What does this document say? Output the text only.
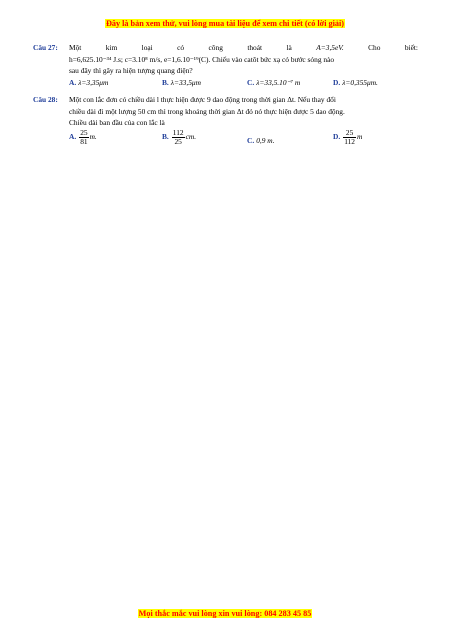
Đây là bản xem thử, vui lòng mua tài liệu để xem chi tiết (có lời giải)
Câu 27: Một	kim	loại	có	công	thoát	là	A=3,5eV.	Cho	biết:
h=6,625.10⁻³⁴ J.s; c=3.10⁸ m/s, e=1,6.10⁻¹⁹(C). Chiếu vào catôt bức xạ có bước sóng nào
sau đây thì gây ra hiện tượng quang điện?
A. λ=3,35μm	B. λ=33,5μm	C. λ=33,5.10⁻⁷ m	D. λ=0,355μm.
Câu 28: Một con lắc đơn có chiều dài l thực hiện được 9 dao động trong thời gian Δt. Nếu thay đổi
chiều dài đi một lượng 50 cm thì trong khoảng thời gian Δt đó nó thực hiện được 5 dao động.
Chiều dài ban đầu của con lắc là
A. $\frac{25}{81} m$.	B. $\frac{112}{25}$ cm.	C. 0,9 m.	D. $\frac{25}{112}$ m
Mọi thắc mắc vui lòng xin vui lòng: 084 283 45 85
